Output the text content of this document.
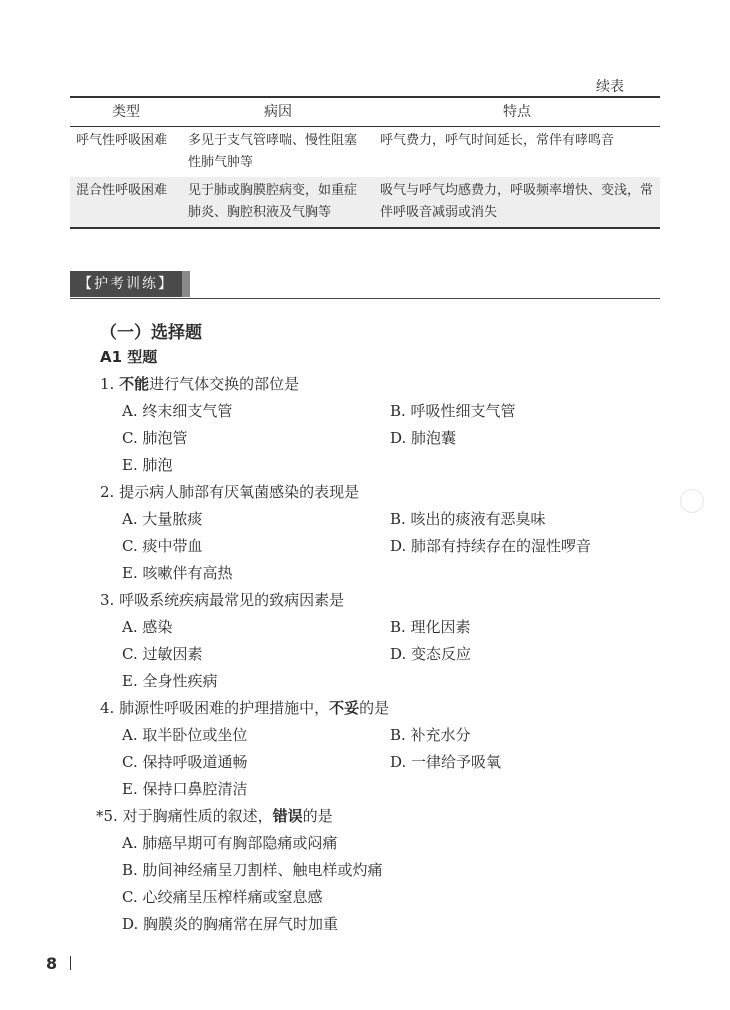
续表
类型	病因	特点
呼气性呼吸困难	多见于支气管哮喘、慢性阻塞性肺气肿等	呼气费力，呼气时间延长，常伴有哮鸣音
混合性呼吸困难	见于肺或胸膜腔病变，如重症肺炎、胸腔积液及气胸等	吸气与呼气均感费力，呼吸频率增快、变浅，常伴呼吸音减弱或消失
【护考训练】
（一）选择题
A1 型题
1. 不能进行气体交换的部位是
A. 终末细支气管	B. 呼吸性细支气管
C. 肺泡管	D. 肺泡囊
E. 肺泡
2. 提示病人肺部有厌氧菌感染的表现是
A. 大量脓痰	B. 咳出的痰液有恶臭味
C. 痰中带血	D. 肺部有持续存在的湿性啰音
E. 咳嗽伴有高热
3. 呼吸系统疾病最常见的致病因素是
A. 感染	B. 理化因素
C. 过敏因素	D. 变态反应
E. 全身性疾病
4. 肺源性呼吸困难的护理措施中，不妥的是
A. 取半卧位或坐位	B. 补充水分
C. 保持呼吸道通畅	D. 一律给予吸氧
E. 保持口鼻腔清洁
*5. 对于胸痛性质的叙述，错误的是
A. 肺癌早期可有胸部隐痛或闷痛
B. 肋间神经痛呈刀割样、触电样或灼痛
C. 心绞痛呈压榨样痛或窒息感
D. 胸膜炎的胸痛常在屏气时加重
8
